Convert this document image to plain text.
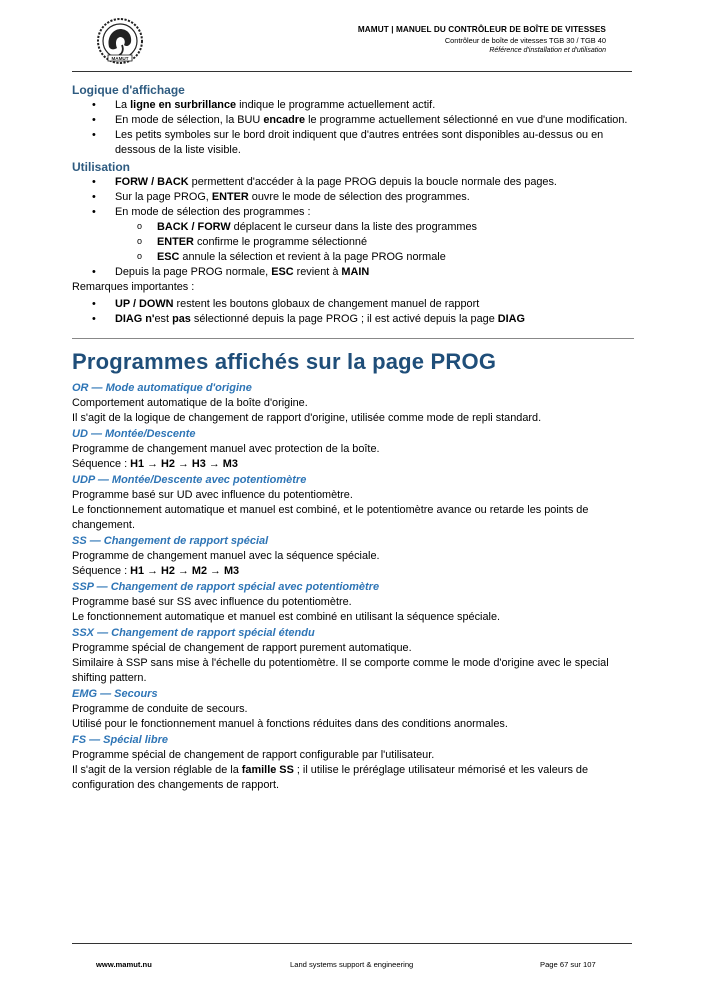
MAMUT
MAMUT | MANUEL DU CONTRÔLEUR DE BOÎTE DE VITESSES
Contrôleur de boîte de vitesses TGB 30 / TGB 40
Référence d'installation et d'utilisation
Logique d'affichage
• La ligne en surbrillance indique le programme actuellement actif.
• En mode de sélection, la BUU encadre le programme actuellement sélectionné en vue d'une modification.
• Les petits symboles sur le bord droit indiquent que d'autres entrées sont disponibles au-dessus ou en dessous de la liste visible.
Utilisation
• FORW / BACK permettent d'accéder à la page PROG depuis la boucle normale des pages.
• Sur la page PROG, ENTER ouvre le mode de sélection des programmes.
• En mode de sélection des programmes :
o BACK / FORW déplacent le curseur dans la liste des programmes
o ENTER confirme le programme sélectionné
o ESC annule la sélection et revient à la page PROG normale
• Depuis la page PROG normale, ESC revient à MAIN

Remarques importantes :

• UP / DOWN restent les boutons globaux de changement manuel de rapport
• DIAG n'est pas sélectionné depuis la page PROG ; il est activé depuis la page DIAG
Programmes affichés sur la page PROG
OR — Mode automatique d'origine

Comportement automatique de la boîte d'origine.

Il s'agit de la logique de changement de rapport d'origine, utilisée comme mode de repli standard.

UD — Montée/Descente

Programme de changement manuel avec protection de la boîte.

Séquence : H1 → H2 → H3 → M3

UDP — Montée/Descente avec potentiomètre

Programme basé sur UD avec influence du potentiomètre.

Le fonctionnement automatique et manuel est combiné, et le potentiomètre avance ou retarde les points de changement.

SS — Changement de rapport spécial

Programme de changement manuel avec la séquence spéciale.

Séquence : H1 → H2 → M2 → M3

SSP — Changement de rapport spécial avec potentiomètre

Programme basé sur SS avec influence du potentiomètre.

Le fonctionnement automatique et manuel est combiné en utilisant la séquence spéciale.

SSX — Changement de rapport spécial étendu

Programme spécial de changement de rapport purement automatique.

Similaire à SSP sans mise à l'échelle du potentiomètre. Il se comporte comme le mode d'origine avec le special shifting pattern.

EMG — Secours

Programme de conduite de secours.

Utilisé pour le fonctionnement manuel à fonctions réduites dans des conditions anormales.

FS — Spécial libre

Programme spécial de changement de rapport configurable par l'utilisateur.

Il s'agit de la version réglable de la famille SS ; il utilise le préréglage utilisateur mémorisé et les valeurs de configuration des changements de rapport.

www.mamut.nu	Land systems support & engineering	Page 67 sur 107
